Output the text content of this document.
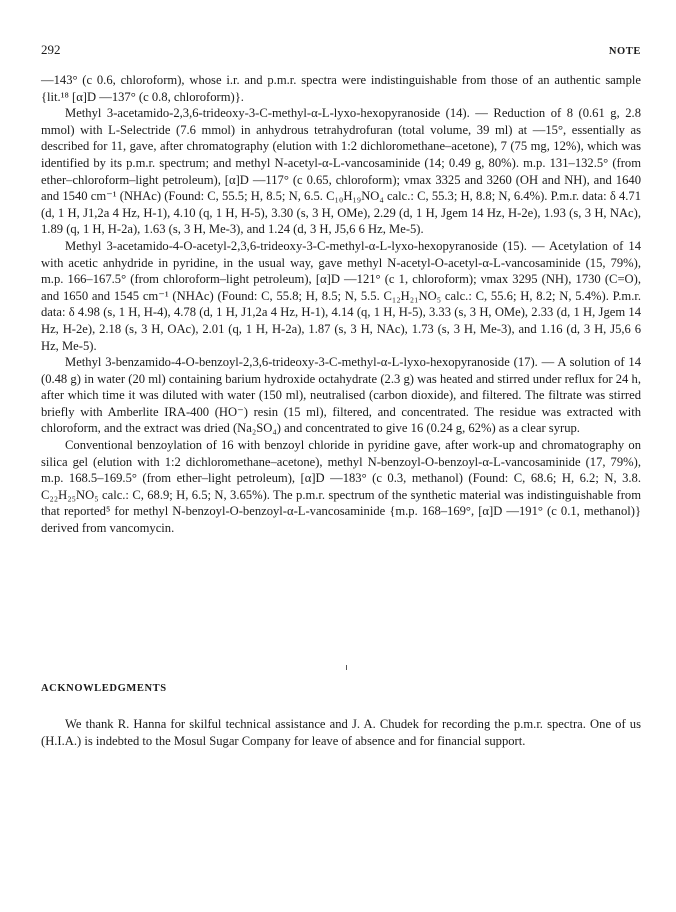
292	NOTE

—143° (c 0.6, chloroform), whose i.r. and p.m.r. spectra were indistinguishable from those of an authentic sample {lit.¹⁸ [α]D —137° (c 0.8, chloroform)}.

Methyl 3-acetamido-2,3,6-trideoxy-3-C-methyl-α-L-lyxo-hexopyranoside (14). — Reduction of 8 (0.61 g, 2.8 mmol) with L-Selectride (7.6 mmol) in anhydrous tetrahydrofuran (total volume, 39 ml) at —15°, essentially as described for 11, gave, after chromatography (elution with 1:2 dichloromethane–acetone), 7 (75 mg, 12%), which was identified by its p.m.r. spectrum; and methyl N-acetyl-α-L-vancosaminide (14; 0.49 g, 80%). m.p. 131–132.5° (from ether–chloroform–light petroleum), [α]D —117° (c 0.65, chloroform); νmax 3325 and 3260 (OH and NH), and 1640 and 1540 cm⁻¹ (NHAc) (Found: C, 55.5; H, 8.5; N, 6.5. C₁₀H₁₉NO₄ calc.: C, 55.3; H, 8.8; N, 6.4%). P.m.r. data: δ 4.71 (d, 1 H, J1,2a 4 Hz, H-1), 4.10 (q, 1 H, H-5), 3.30 (s, 3 H, OMe), 2.29 (d, 1 H, Jgem 14 Hz, H-2e), 1.93 (s, 3 H, NAc), 1.89 (q, 1 H, H-2a), 1.63 (s, 3 H, Me-3), and 1.24 (d, 3 H, J5,6 6 Hz, Me-5).

Methyl 3-acetamido-4-O-acetyl-2,3,6-trideoxy-3-C-methyl-α-L-lyxo-hexopyranoside (15). — Acetylation of 14 with acetic anhydride in pyridine, in the usual way, gave methyl N-acetyl-O-acetyl-α-L-vancosaminide (15, 79%), m.p. 166–167.5° (from chloroform–light petroleum), [α]D —121° (c 1, chloroform); νmax 3295 (NH), 1730 (C=O), and 1650 and 1545 cm⁻¹ (NHAc) (Found: C, 55.8; H, 8.5; N, 5.5. C₁₂H₂₁NO₅ calc.: C, 55.6; H, 8.2; N, 5.4%). P.m.r. data: δ 4.98 (s, 1 H, H-4), 4.78 (d, 1 H, J1,2a 4 Hz, H-1), 4.14 (q, 1 H, H-5), 3.33 (s, 3 H, OMe), 2.33 (d, 1 H, Jgem 14 Hz, H-2e), 2.18 (s, 3 H, OAc), 2.01 (q, 1 H, H-2a), 1.87 (s, 3 H, NAc), 1.73 (s, 3 H, Me-3), and 1.16 (d, 3 H, J5,6 6 Hz, Me-5).

Methyl 3-benzamido-4-O-benzoyl-2,3,6-trideoxy-3-C-methyl-α-L-lyxo-hexopyranoside (17). — A solution of 14 (0.48 g) in water (20 ml) containing barium hydroxide octahydrate (2.3 g) was heated and stirred under reflux for 24 h, after which time it was diluted with water (150 ml), neutralised (carbon dioxide), and filtered. The filtrate was stirred briefly with Amberlite IRA-400 (HO⁻) resin (15 ml), filtered, and concentrated. The residue was extracted with chloroform, and the extract was dried (Na₂SO₄) and concentrated to give 16 (0.24 g, 62%) as a clear syrup.

Conventional benzoylation of 16 with benzoyl chloride in pyridine gave, after work-up and chromatography on silica gel (elution with 1:2 dichloromethane–acetone), methyl N-benzoyl-O-benzoyl-α-L-vancosaminide (17, 79%), m.p. 168.5–169.5° (from ether–light petroleum), [α]D —183° (c 0.3, methanol) (Found: C, 68.6; H, 6.2; N, 3.8. C₂₂H₂₅NO₅ calc.: C, 68.9; H, 6.5; N, 3.65%). The p.m.r. spectrum of the synthetic material was indistinguishable from that reported⁵ for methyl N-benzoyl-O-benzoyl-α-L-vancosaminide {m.p. 168–169°, [α]D —191° (c 0.1, methanol)} derived from vancomycin.

ACKNOWLEDGMENTS

We thank R. Hanna for skilful technical assistance and J. A. Chudek for recording the p.m.r. spectra. One of us (H.I.A.) is indebted to the Mosul Sugar Company for leave of absence and for financial support.
